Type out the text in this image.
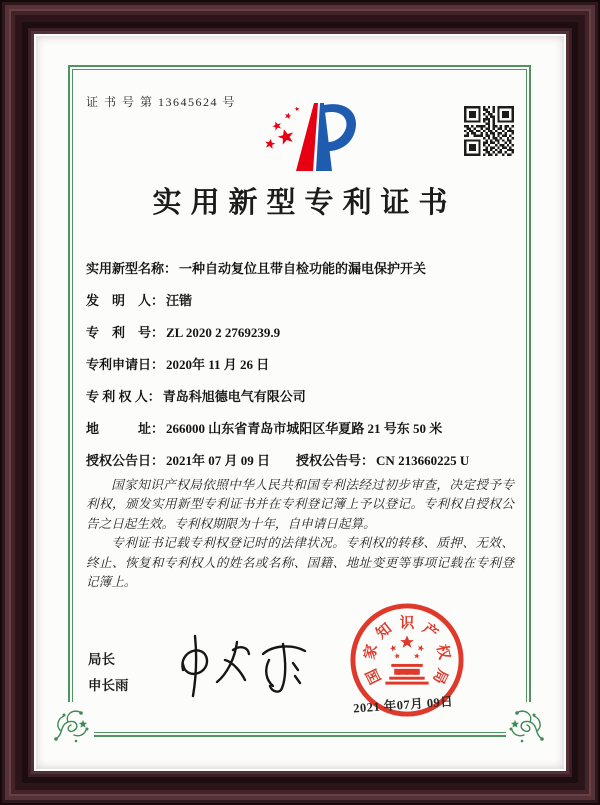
证 书 号 第 13645624 号
实用新型专利证书
实用新型名称： 一种自动复位且带自检功能的漏电保护开关
发　明　人： 汪锴
专　利　号： ZL 2020 2 2769239.9
专利申请日： 2020年 11 月 26 日
专 利 权 人： 青岛科旭德电气有限公司
地　　　址： 266000 山东省青岛市城阳区华夏路 21 号东 50 米
授权公告日： 2021年 07 月 09 日 授权公告号： CN 213660225 U

国家知识产权局依照中华人民共和国专利法经过初步审查，决定授予专利权，颁发实用新型专利证书并在专利登记簿上予以登记。专利权自授权公告之日起生效。专利权期限为十年，自申请日起算。

专利证书记载专利权登记时的法律状况。专利权的转移、质押、无效、终止、恢复和专利权人的姓名或名称、国籍、地址变更等事项记载在专利登记簿上。

局长
申长雨	国
家
知 识 产
权
局
2021 年07月 09日
